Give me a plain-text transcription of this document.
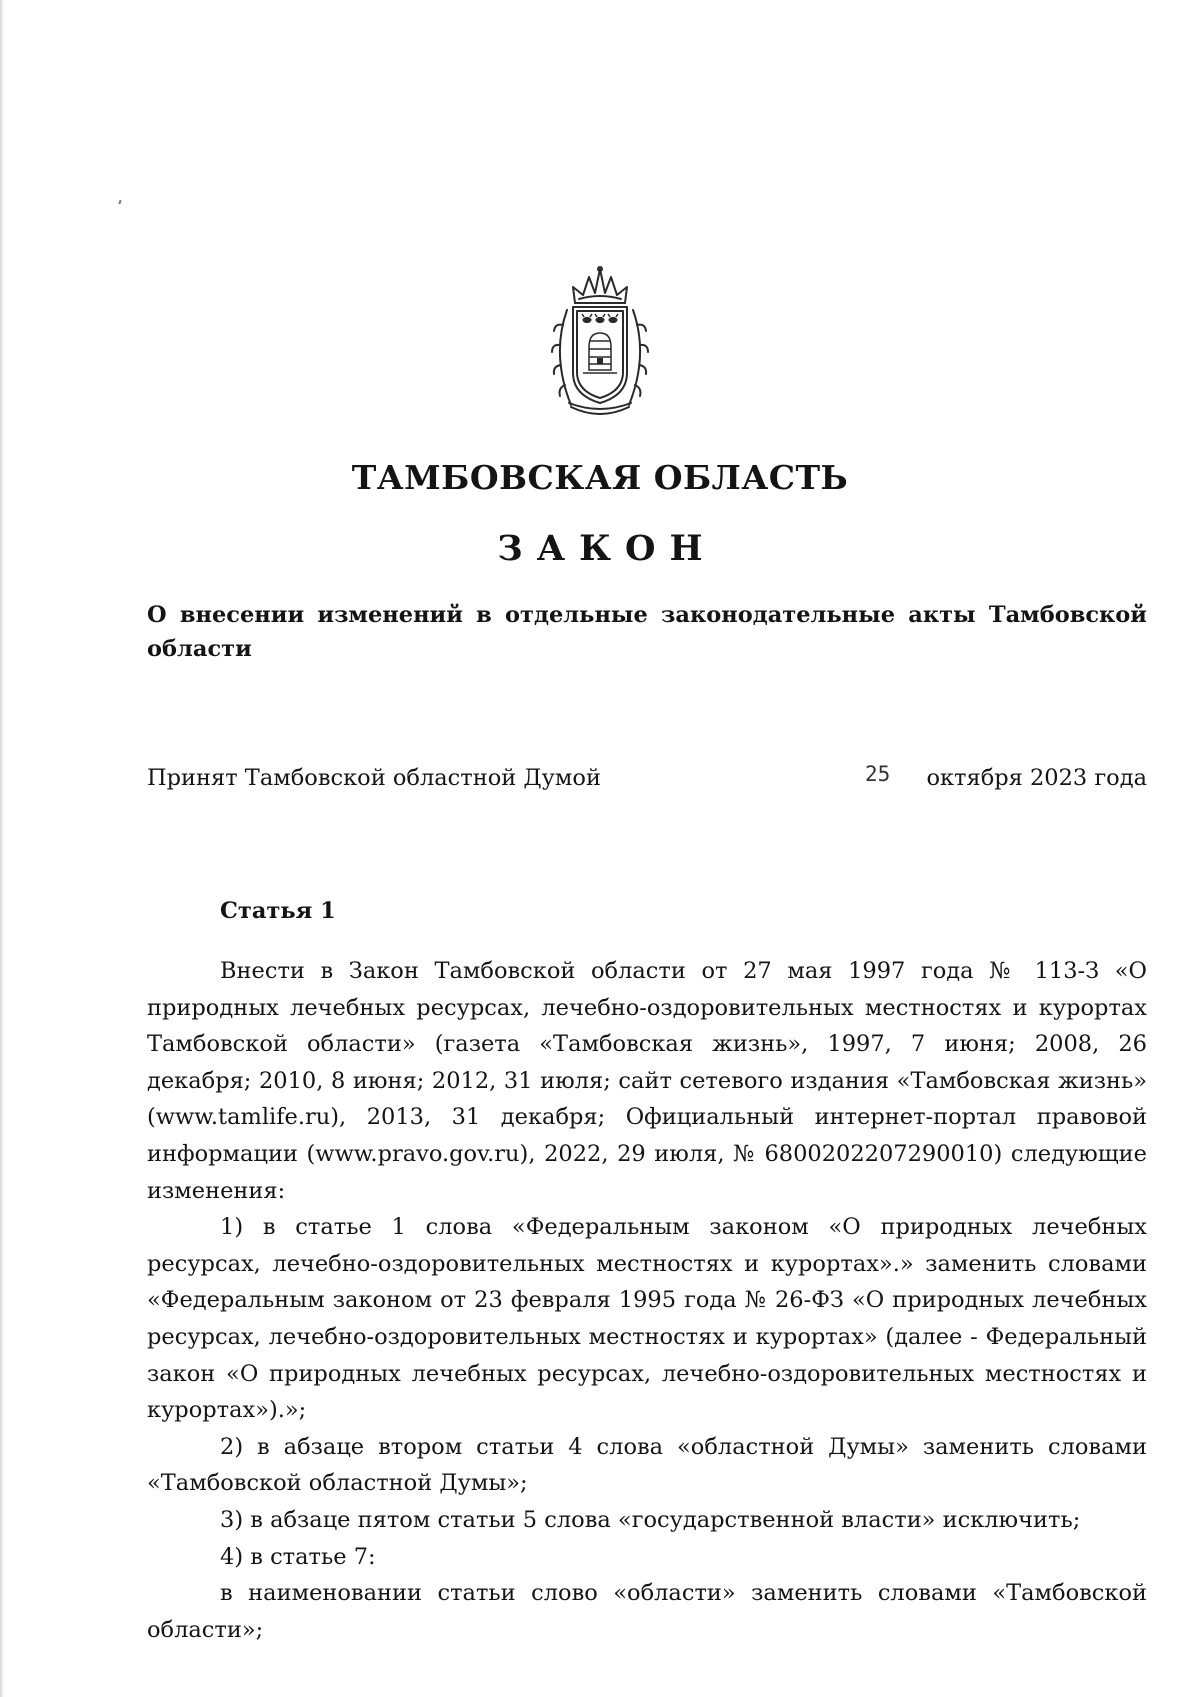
ТАМБОВСКАЯ ОБЛАСТЬ
ЗАКОН
О внесении изменений в отдельные законодательные акты Тамбовской области
Принят Тамбовской областной Думой	25 октября 2023 года
Статья 1

Внести в Закон Тамбовской области от 27 мая 1997 года № 113-З «О природных лечебных ресурсах, лечебно-оздоровительных местностях и курортах Тамбовской области» (газета «Тамбовская жизнь», 1997, 7 июня; 2008, 26 декабря; 2010, 8 июня; 2012, 31 июля; сайт сетевого издания «Тамбовская жизнь» (www.tamlife.ru), 2013, 31 декабря; Официальный интернет-портал правовой информации (www.pravo.gov.ru), 2022, 29 июля, № 6800202207290010) следующие изменения:

1) в статье 1 слова «Федеральным законом «О природных лечебных ресурсах, лечебно-оздоровительных местностях и курортах».» заменить словами «Федеральным законом от 23 февраля 1995 года № 26-ФЗ «О природных лечебных ресурсах, лечебно-оздоровительных местностях и курортах» (далее - Федеральный закон «О природных лечебных ресурсах, лечебно-оздоровительных местностях и курортах»).»;

2) в абзаце втором статьи 4 слова «областной Думы» заменить словами «Тамбовской областной Думы»;

3) в абзаце пятом статьи 5 слова «государственной власти» исключить;

4) в статье 7:

в наименовании статьи слово «области» заменить словами «Тамбовской области»;
